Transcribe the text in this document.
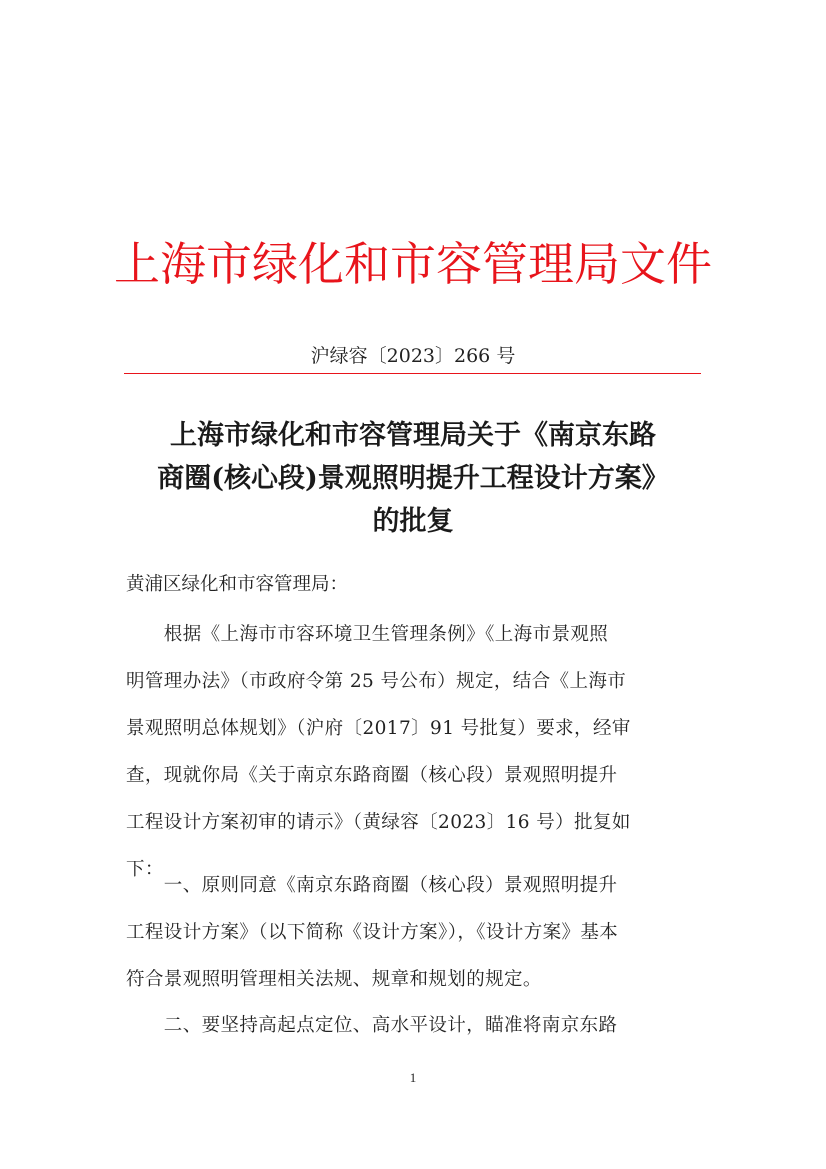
上海市绿化和市容管理局文件
沪绿容〔2023〕266 号
上海市绿化和市容管理局关于《南京东路
商圈(核心段)景观照明提升工程设计方案》
的批复
黄浦区绿化和市容管理局：
　　根据《上海市市容环境卫生管理条例》《上海市景观照
明管理办法》（市政府令第 25 号公布）规定，结合《上海市
景观照明总体规划》（沪府〔2017〕91 号批复）要求，经审
查，现就你局《关于南京东路商圈（核心段）景观照明提升
工程设计方案初审的请示》（黄绿容〔2023〕16 号）批复如
下：
　　一、原则同意《南京东路商圈（核心段）景观照明提升
工程设计方案》（以下简称《设计方案》），《设计方案》基本
符合景观照明管理相关法规、规章和规划的规定。
　　二、要坚持高起点定位、高水平设计，瞄准将南京东路
1
